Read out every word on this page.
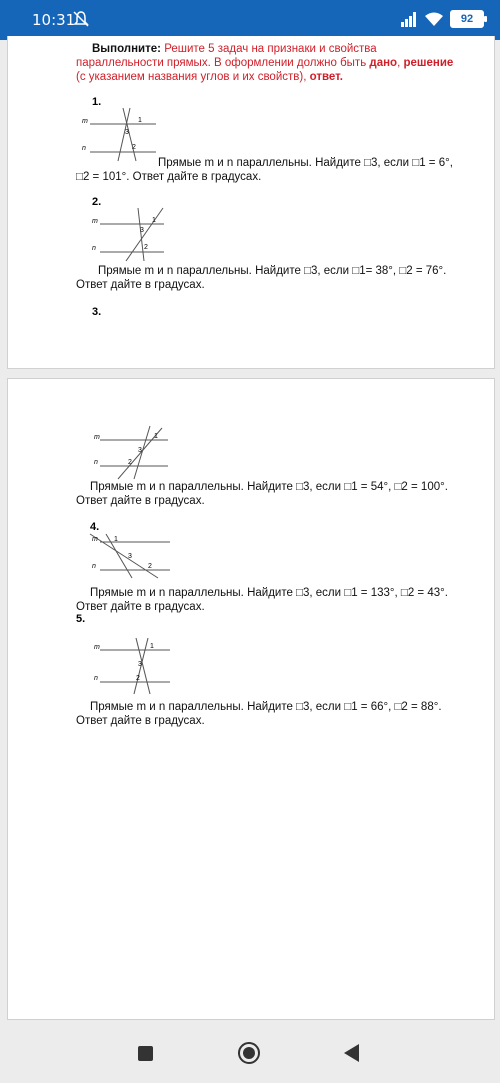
10:31	92
Выполните: Решите 5 задач на признаки и свойства
параллельности прямых. В оформлении должно быть дано, решение
(с указанием названия углов и их свойств), ответ.
1.
m
n
1
3
2
Прямые m и n параллельны. Найдите □3, если □1 = 6°,
□2 = 101°. Ответ дайте в градусах.
2.
m
n
1
3
2
Прямые m и n параллельны. Найдите □3, если □1= 38°, □2 = 76°.
Ответ дайте в градусах.
3.
m
n
1
3
2
Прямые m и n параллельны. Найдите □3, если □1 = 54°, □2 = 100°.
Ответ дайте в градусах.
4.
m
n
1
3
2
Прямые m и n параллельны. Найдите □3, если □1 = 133°, □2 = 43°.
Ответ дайте в градусах.
5.
m
n
1
3
2
Прямые m и n параллельны. Найдите □3, если □1 = 66°, □2 = 88°.
Ответ дайте в градусах.
